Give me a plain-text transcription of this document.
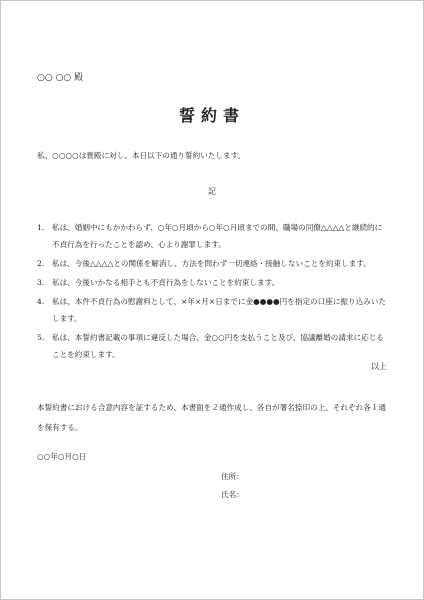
○○ ○○ 殿
誓約書
私、○○○○は貴殿に対し、本日以下の通り誓約いたします。
記
1.	私は、婚姻中にもかかわらず、○年○月頃から○年○月頃までの間、職場の同僚△△△△と継続的に不貞行為を行ったことを認め、心より謝罪します。
2.	私は、今後△△△△との関係を解消し、方法を問わず一切連絡・接触しないことを約束します。
3.	私は、今後いかなる相手とも不貞行為をしないことを約束します。
4.	私は、本件不貞行為の慰謝料として、×年×月×日までに金●●●●円を指定の口座に振り込みいたします。
5.	私は、本誓約書記載の事項に違反した場合、金○○円を支払うこと及び、協議離婚の請求に応じることを約束します。
以上
本誓約書における合意内容を証するため、本書面を２通作成し、各自が署名捺印の上、それぞれ各１通を保有する。
○○年○月○日
住所：
氏名：
